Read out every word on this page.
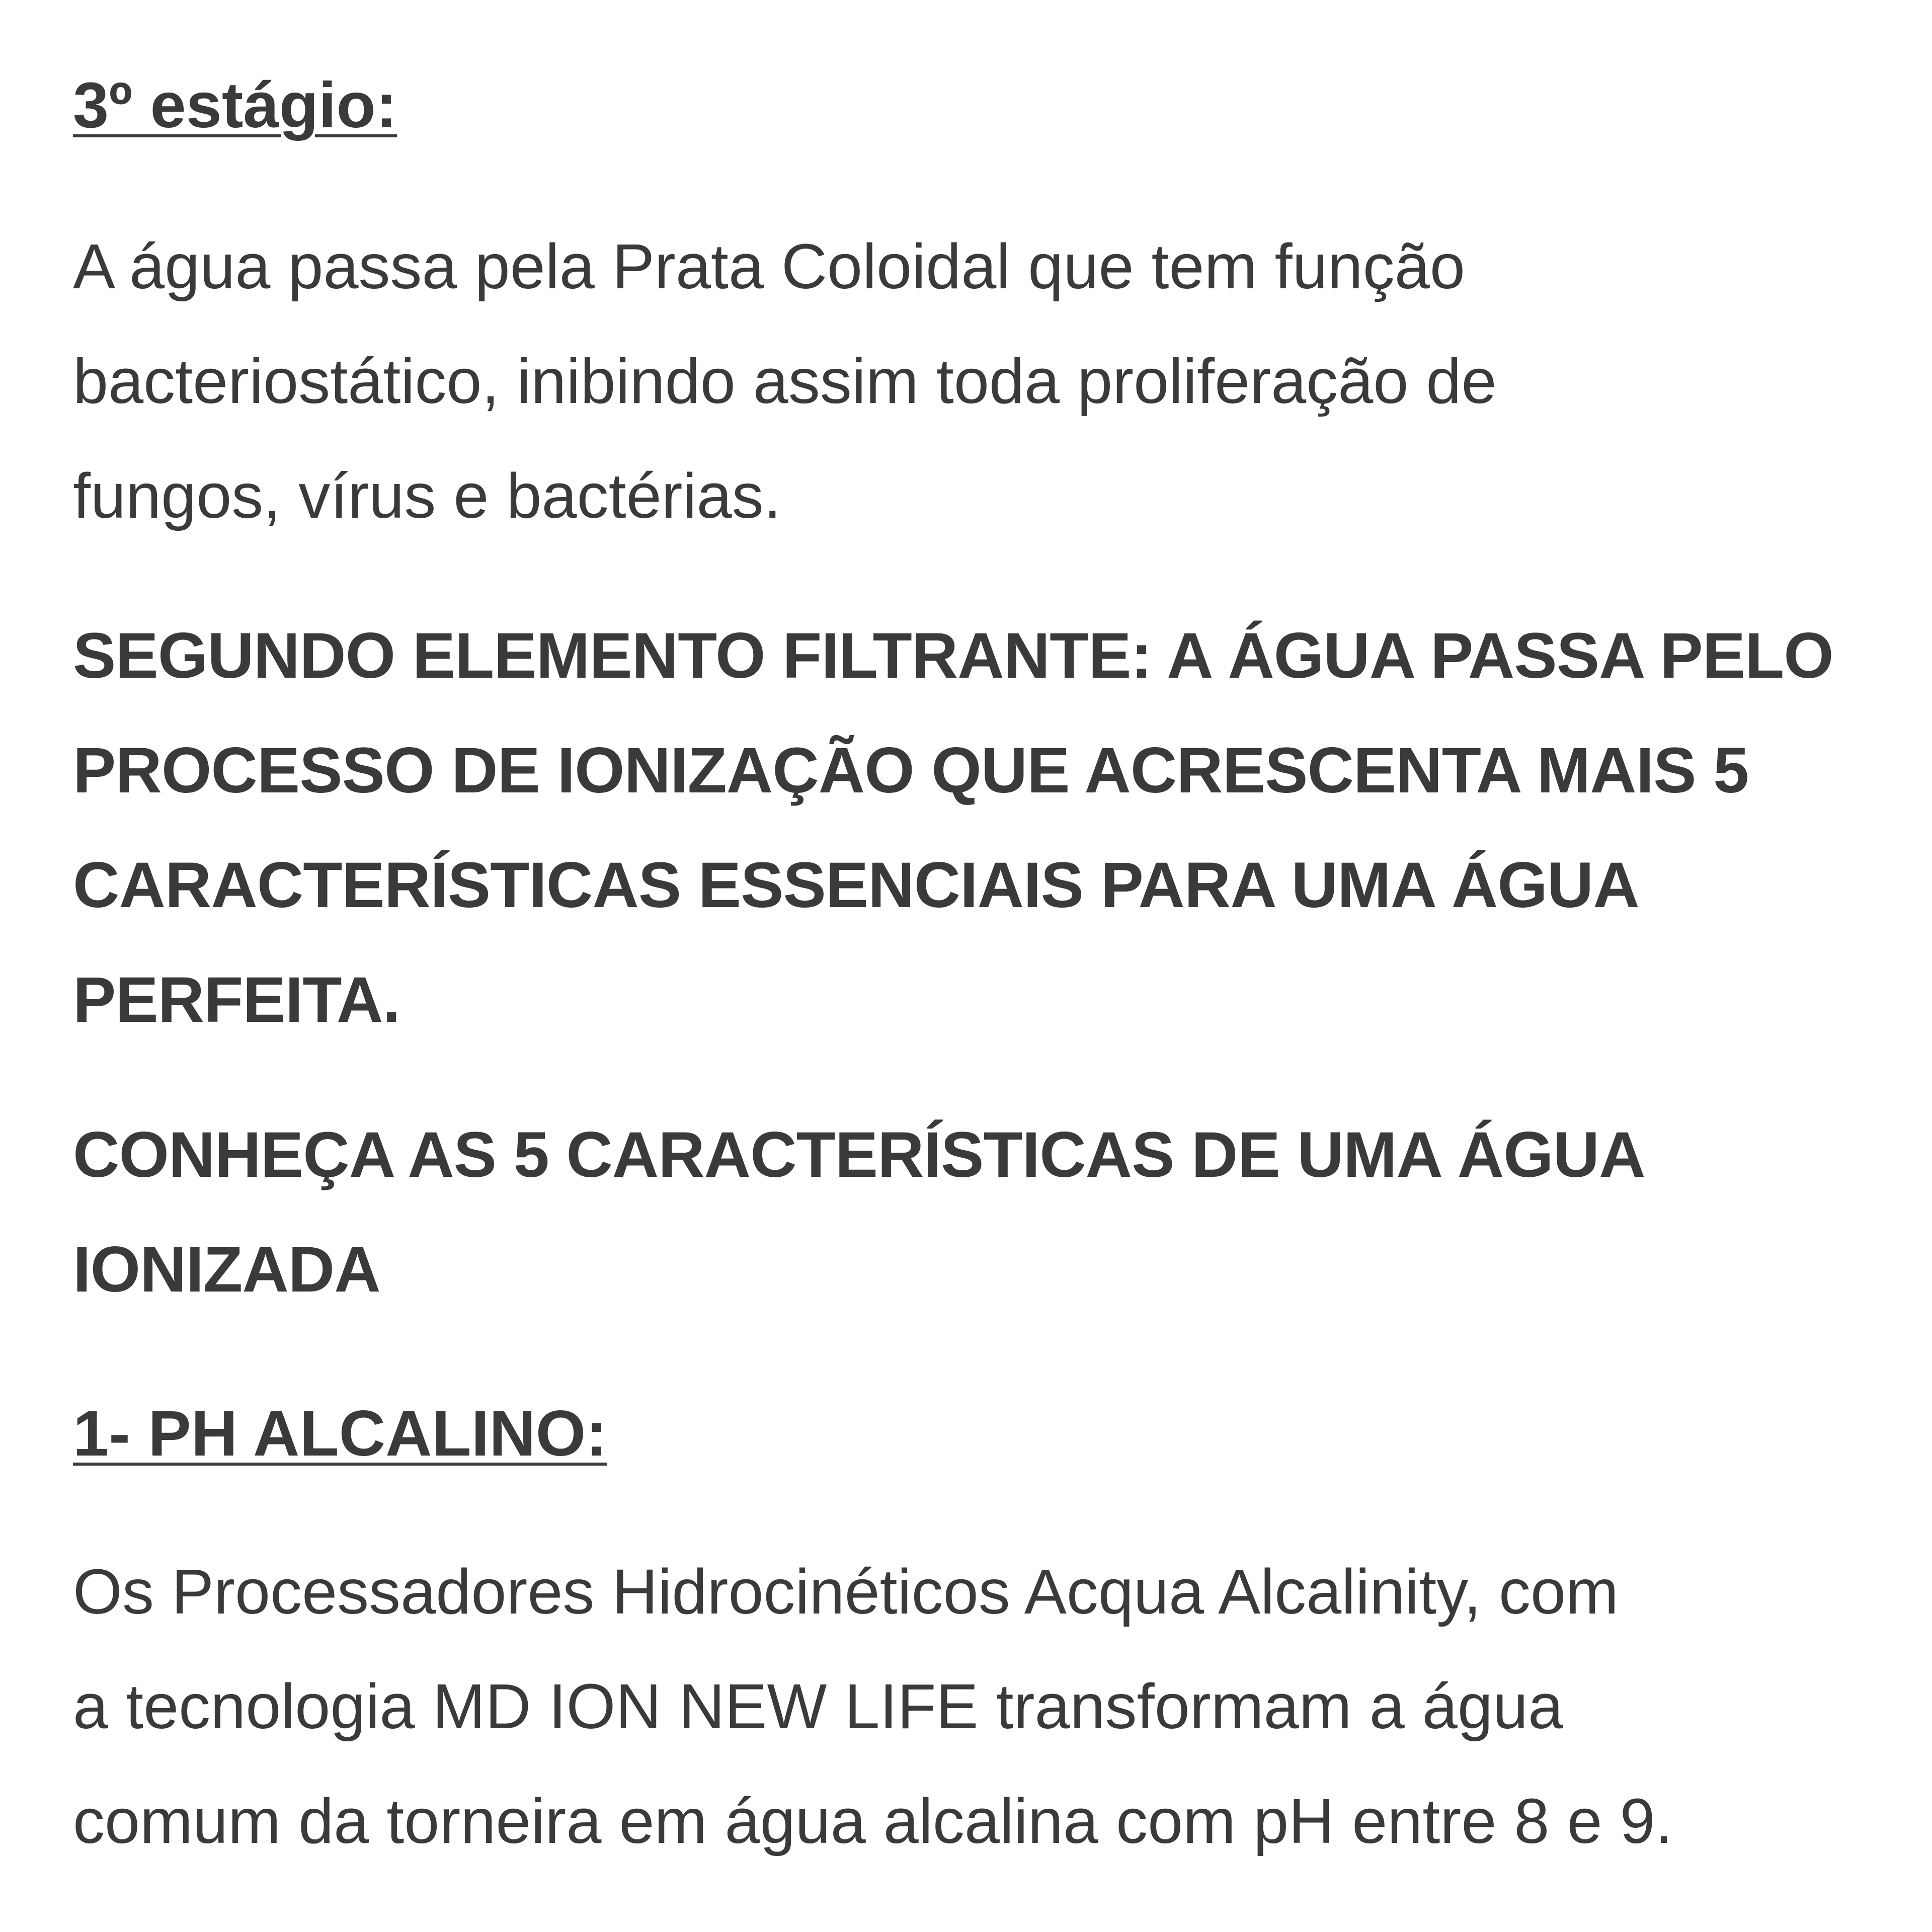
3º estágio:

A água passa pela Prata Coloidal que tem função
bacteriostático, inibindo assim toda proliferação de
fungos, vírus e bactérias.

SEGUNDO ELEMENTO FILTRANTE: A ÁGUA PASSA PELO
PROCESSO DE IONIZAÇÃO QUE ACRESCENTA MAIS 5
CARACTERÍSTICAS ESSENCIAIS PARA UMA ÁGUA
PERFEITA.

CONHEÇA AS 5 CARACTERÍSTICAS DE UMA ÁGUA
IONIZADA

1- PH ALCALINO:

Os Processadores Hidrocinéticos Acqua Alcalinity, com
a tecnologia MD ION NEW LIFE transformam a água
comum da torneira em água alcalina com pH entre 8 e 9.
